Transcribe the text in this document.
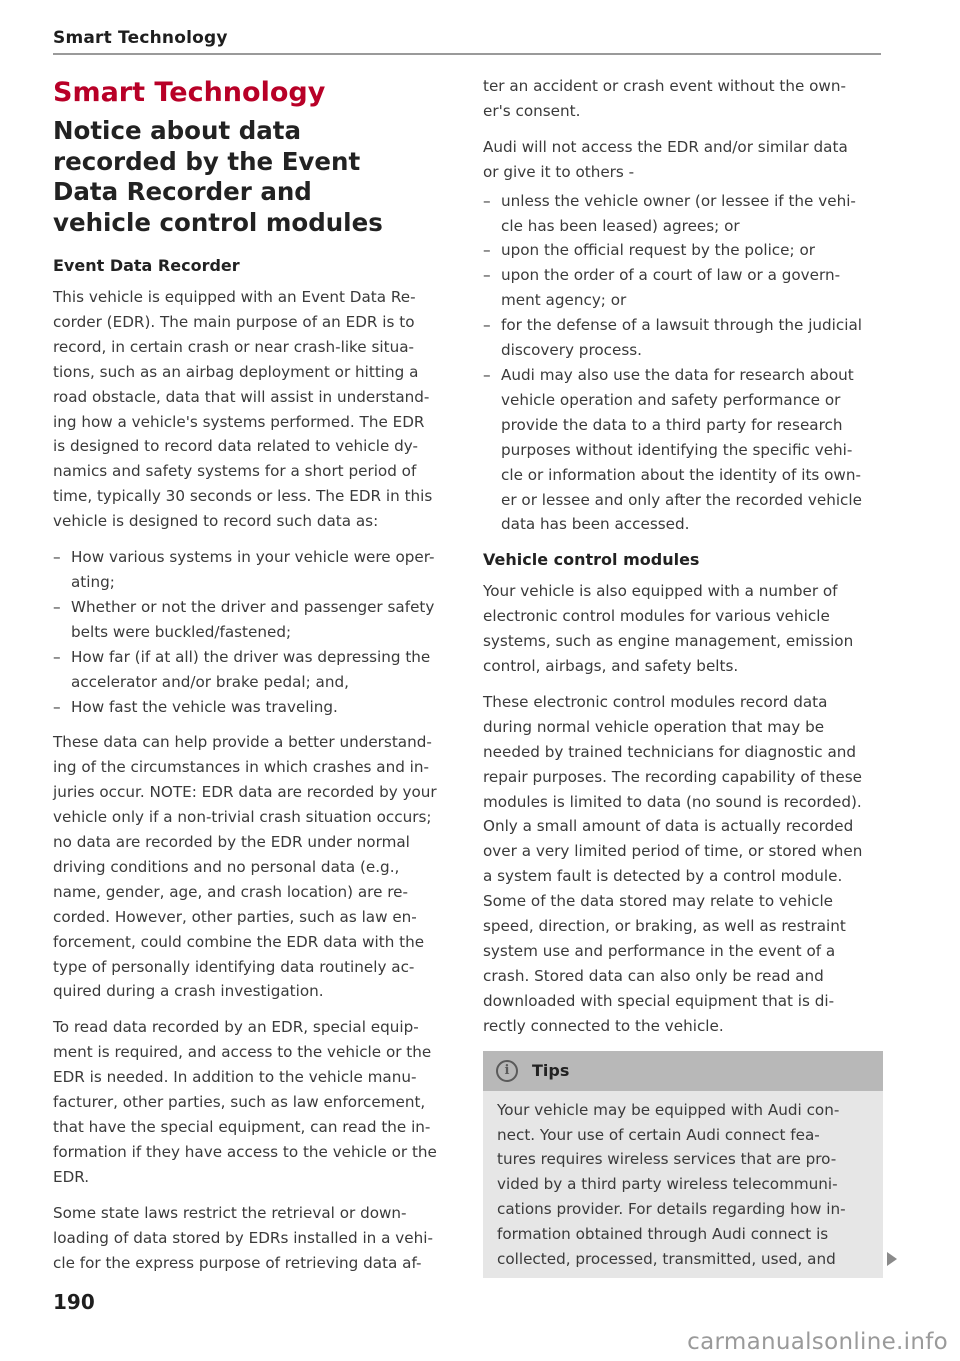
Smart Technology
Smart Technology
Notice about data
recorded by the Event
Data Recorder and
vehicle control modules
Event Data Recorder

This vehicle is equipped with an Event Data Re-
corder (EDR). The main purpose of an EDR is to
record, in certain crash or near crash-like situa-
tions, such as an airbag deployment or hitting a
road obstacle, data that will assist in understand-
ing how a vehicle's systems performed. The EDR
is designed to record data related to vehicle dy-
namics and safety systems for a short period of
time, typically 30 seconds or less. The EDR in this
vehicle is designed to record such data as:

– How various systems in your vehicle were oper-
ating;
– Whether or not the driver and passenger safety
belts were buckled/fastened;
– How far (if at all) the driver was depressing the
accelerator and/or brake pedal; and,
– How fast the vehicle was traveling.

These data can help provide a better understand-
ing of the circumstances in which crashes and in-
juries occur. NOTE: EDR data are recorded by your
vehicle only if a non-trivial crash situation occurs;
no data are recorded by the EDR under normal
driving conditions and no personal data (e.g.,
name, gender, age, and crash location) are re-
corded. However, other parties, such as law en-
forcement, could combine the EDR data with the
type of personally identifying data routinely ac-
quired during a crash investigation.

To read data recorded by an EDR, special equip-
ment is required, and access to the vehicle or the
EDR is needed. In addition to the vehicle manu-
facturer, other parties, such as law enforcement,
that have the special equipment, can read the in-
formation if they have access to the vehicle or the
EDR.

Some state laws restrict the retrieval or down-
loading of data stored by EDRs installed in a vehi-
cle for the express purpose of retrieving data af-

ter an accident or crash event without the own-
er's consent.

Audi will not access the EDR and/or similar data
or give it to others -

– unless the vehicle owner (or lessee if the vehi-
cle has been leased) agrees; or
– upon the official request by the police; or
– upon the order of a court of law or a govern-
ment agency; or
– for the defense of a lawsuit through the judicial
discovery process.
– Audi may also use the data for research about
vehicle operation and safety performance or
provide the data to a third party for research
purposes without identifying the specific vehi-
cle or information about the identity of its own-
er or lessee and only after the recorded vehicle
data has been accessed.
Vehicle control modules

Your vehicle is also equipped with a number of
electronic control modules for various vehicle
systems, such as engine management, emission
control, airbags, and safety belts.

These electronic control modules record data
during normal vehicle operation that may be
needed by trained technicians for diagnostic and
repair purposes. The recording capability of these
modules is limited to data (no sound is recorded).
Only a small amount of data is actually recorded
over a very limited period of time, or stored when
a system fault is detected by a control module.
Some of the data stored may relate to vehicle
speed, direction, or braking, as well as restraint
system use and performance in the event of a
crash. Stored data can also only be read and
downloaded with special equipment that is di-
rectly connected to the vehicle.

i	Tips

Your vehicle may be equipped with Audi con-
nect. Your use of certain Audi connect fea-
tures requires wireless services that are pro-
vided by a third party wireless telecommuni-
cations provider. For details regarding how in-
formation obtained through Audi connect is
collected, processed, transmitted, used, and

190
carmanualsonline.info
